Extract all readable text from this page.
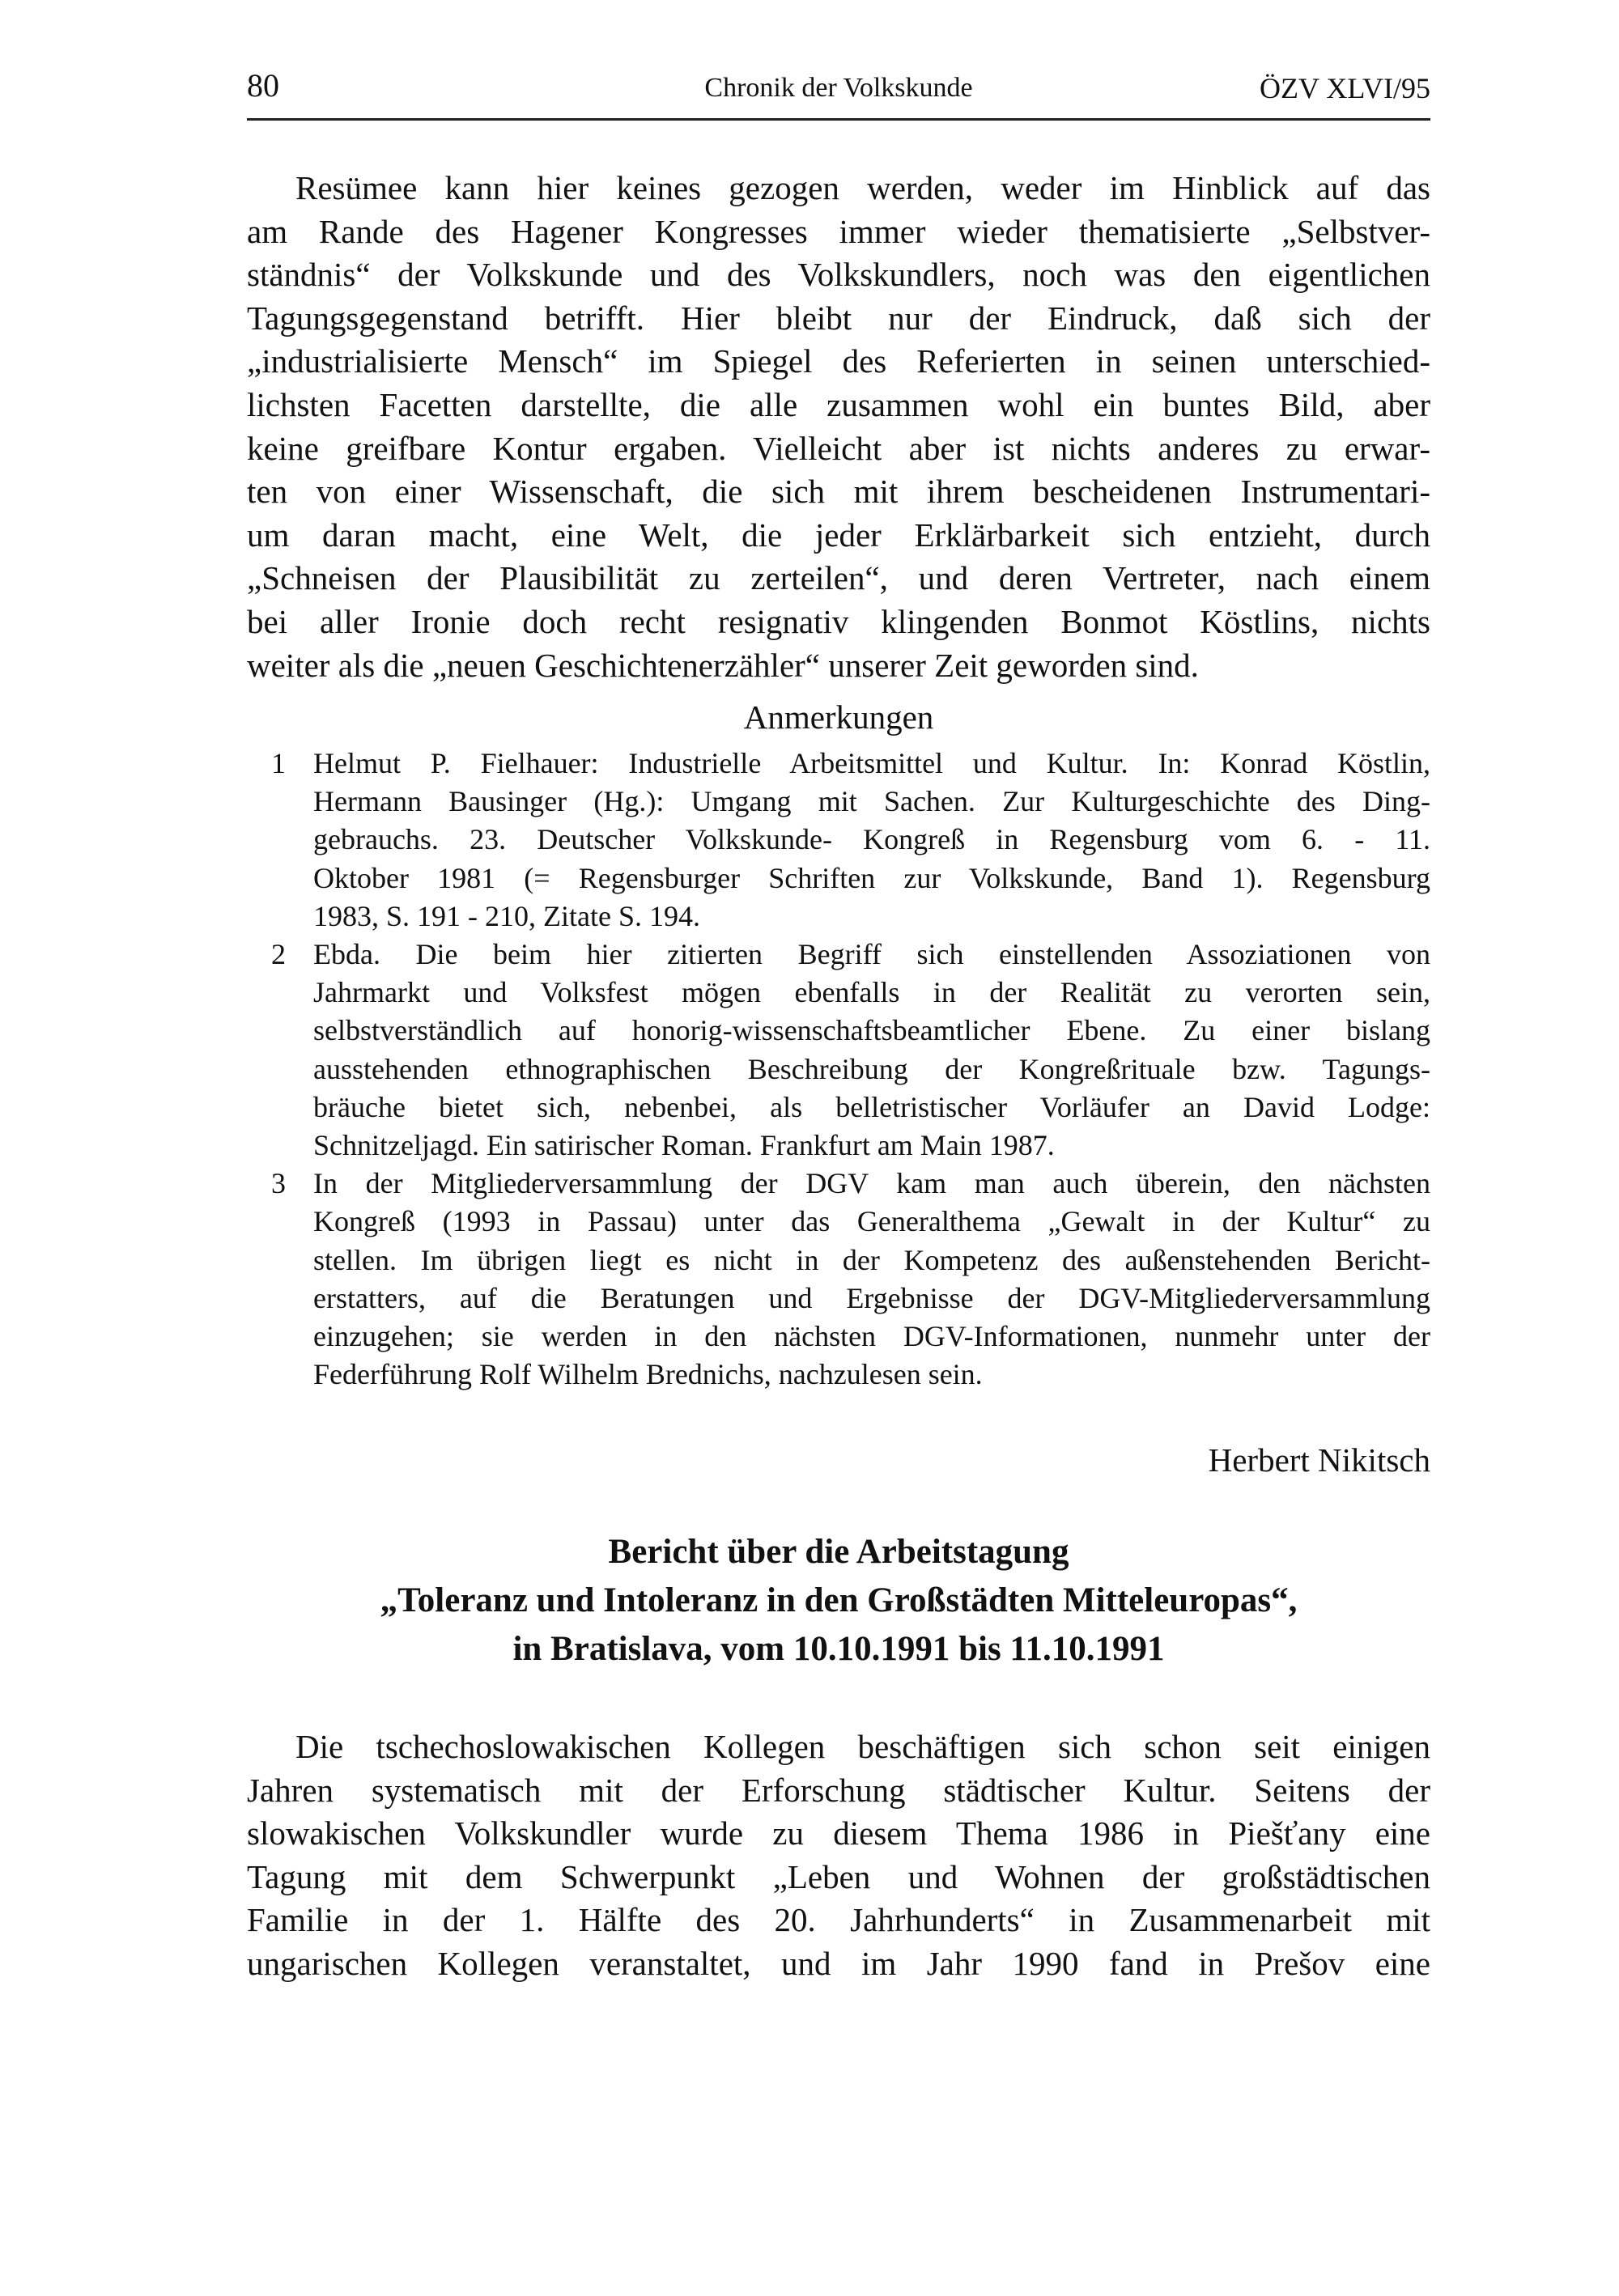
80	Chronik der Volkskunde	ÖZV XLVI/95
Resümee kann hier keines gezogen werden, weder im Hinblick auf das
am Rande des Hagener Kongresses immer wieder thematisierte „Selbstver-
ständnis“ der Volkskunde und des Volkskundlers, noch was den eigentlichen
Tagungsgegenstand betrifft. Hier bleibt nur der Eindruck, daß sich der
„industrialisierte Mensch“ im Spiegel des Referierten in seinen unterschied-
lichsten Facetten darstellte, die alle zusammen wohl ein buntes Bild, aber
keine greifbare Kontur ergaben. Vielleicht aber ist nichts anderes zu erwar-
ten von einer Wissenschaft, die sich mit ihrem bescheidenen Instrumentari-
um daran macht, eine Welt, die jeder Erklärbarkeit sich entzieht, durch
„Schneisen der Plausibilität zu zerteilen“, und deren Vertreter, nach einem
bei aller Ironie doch recht resignativ klingenden Bonmot Köstlins, nichts
weiter als die „neuen Geschichtenerzähler“ unserer Zeit geworden sind.
Anmerkungen
1 Helmut P. Fielhauer: Industrielle Arbeitsmittel und Kultur. In: Konrad Köstlin,
Hermann Bausinger (Hg.): Umgang mit Sachen. Zur Kulturgeschichte des Ding-
gebrauchs. 23. Deutscher Volkskunde- Kongreß in Regensburg vom 6. - 11.
Oktober 1981 (= Regensburger Schriften zur Volkskunde, Band 1). Regensburg
1983, S. 191 - 210, Zitate S. 194.
2 Ebda. Die beim hier zitierten Begriff sich einstellenden Assoziationen von
Jahrmarkt und Volksfest mögen ebenfalls in der Realität zu verorten sein,
selbstverständlich auf honorig-wissenschaftsbeamtlicher Ebene. Zu einer bislang
ausstehenden ethnographischen Beschreibung der Kongreßrituale bzw. Tagungs-
bräuche bietet sich, nebenbei, als belletristischer Vorläufer an David Lodge:
Schnitzeljagd. Ein satirischer Roman. Frankfurt am Main 1987.
3 In der Mitgliederversammlung der DGV kam man auch überein, den nächsten
Kongreß (1993 in Passau) unter das Generalthema „Gewalt in der Kultur“ zu
stellen. Im übrigen liegt es nicht in der Kompetenz des außenstehenden Bericht-
erstatters, auf die Beratungen und Ergebnisse der DGV-Mitgliederversammlung
einzugehen; sie werden in den nächsten DGV-Informationen, nunmehr unter der
Federführung Rolf Wilhelm Brednichs, nachzulesen sein.
Herbert Nikitsch
Bericht über die Arbeitstagung
„Toleranz und Intoleranz in den Großstädten Mitteleuropas“,
in Bratislava, vom 10.10.1991 bis 11.10.1991
Die tschechoslowakischen Kollegen beschäftigen sich schon seit einigen
Jahren systematisch mit der Erforschung städtischer Kultur. Seitens der
slowakischen Volkskundler wurde zu diesem Thema 1986 in Piešťany eine
Tagung mit dem Schwerpunkt „Leben und Wohnen der großstädtischen
Familie in der 1. Hälfte des 20. Jahrhunderts“ in Zusammenarbeit mit
ungarischen Kollegen veranstaltet, und im Jahr 1990 fand in Prešov eine
